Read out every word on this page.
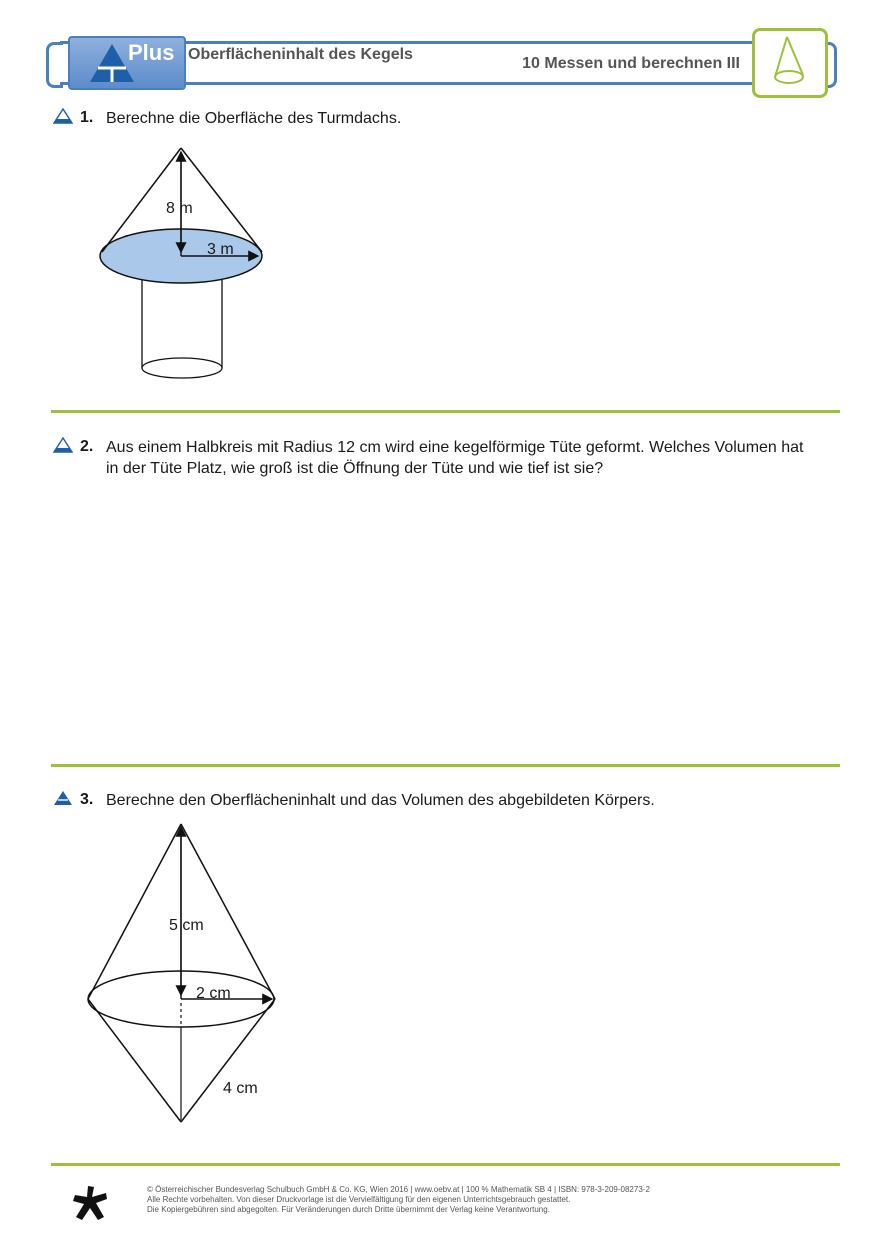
Plus Oberflächeninhalt des Kegels
10 Messen und berechnen III
1. Berechne die Oberfläche des Turmdachs.
8 m
3 m
2. Aus einem Halbkreis mit Radius 12 cm wird eine kegelförmige Tüte geformt. Welches Volumen hat in der Tüte Platz, wie groß ist die Öffnung der Tüte und wie tief ist sie?
3. Berechne den Oberflächeninhalt und das Volumen des abgebildeten Körpers.
5 cm
2 cm
4 cm
© Österreichischer Bundesverlag Schulbuch GmbH & Co. KG, Wien 2016 | www.oebv.at | 100 % Mathematik SB 4 | ISBN: 978-3-209-08273-2
Alle Rechte vorbehalten. Von dieser Druckvorlage ist die Vervielfältigung für den eigenen Unterrichtsgebrauch gestattet.
Die Kopiergebühren sind abgegolten. Für Veränderungen durch Dritte übernimmt der Verlag keine Verantwortung.
